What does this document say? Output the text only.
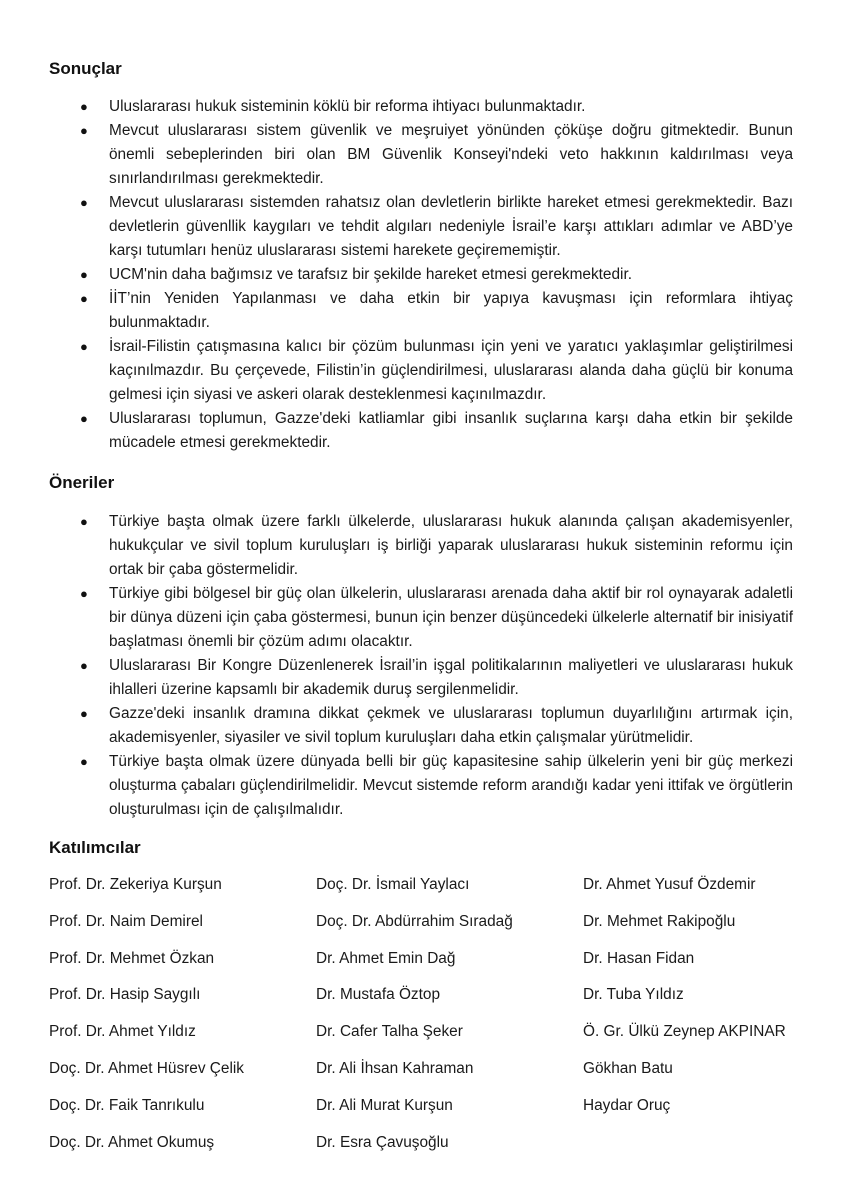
Sonuçlar
● Uluslararası hukuk sisteminin köklü bir reforma ihtiyacı bulunmaktadır.
● Mevcut uluslararası sistem güvenlik ve meşruiyet yönünden çöküşe doğru gitmektedir. Bunun önemli sebeplerinden biri olan BM Güvenlik Konseyi'ndeki veto hakkının kaldırılması veya sınırlandırılması gerekmektedir.
● Mevcut uluslararası sistemden rahatsız olan devletlerin birlikte hareket etmesi gerekmektedir. Bazı devletlerin güvenllik kaygıları ve tehdit algıları nedeniyle İsrail’e karşı attıkları adımlar ve ABD’ye karşı tutumları henüz uluslararası sistemi harekete geçirememiştir.
● UCM'nin daha bağımsız ve tarafsız bir şekilde hareket etmesi gerekmektedir.
● İİT’nin Yeniden Yapılanması ve daha etkin bir yapıya kavuşması için reformlara ihtiyaç bulunmaktadır.
● İsrail-Filistin çatışmasına kalıcı bir çözüm bulunması için yeni ve yaratıcı yaklaşımlar geliştirilmesi kaçınılmazdır. Bu çerçevede, Filistin’in güçlendirilmesi, uluslararası alanda daha güçlü bir konuma gelmesi için siyasi ve askeri olarak desteklenmesi kaçınılmazdır.
● Uluslararası toplumun, Gazze'deki katliamlar gibi insanlık suçlarına karşı daha etkin bir şekilde mücadele etmesi gerekmektedir.
Öneriler
● Türkiye başta olmak üzere farklı ülkelerde, uluslararası hukuk alanında çalışan akademisyenler, hukukçular ve sivil toplum kuruluşları iş birliği yaparak uluslararası hukuk sisteminin reformu için ortak bir çaba göstermelidir.
● Türkiye gibi bölgesel bir güç olan ülkelerin, uluslararası arenada daha aktif bir rol oynayarak adaletli bir dünya düzeni için çaba göstermesi, bunun için benzer düşüncedeki ülkelerle alternatif bir inisiyatif başlatması önemli bir çözüm adımı olacaktır.
● Uluslararası Bir Kongre Düzenlenerek İsrail’in işgal politikalarının maliyetleri ve uluslararası hukuk ihlalleri üzerine kapsamlı bir akademik duruş sergilenmelidir.
● Gazze'deki insanlık dramına dikkat çekmek ve uluslararası toplumun duyarlılığını artırmak için, akademisyenler, siyasiler ve sivil toplum kuruluşları daha etkin çalışmalar yürütmelidir.
● Türkiye başta olmak üzere dünyada belli bir güç kapasitesine sahip ülkelerin yeni bir güç merkezi oluşturma çabaları güçlendirilmelidir. Mevcut sistemde reform arandığı kadar yeni ittifak ve örgütlerin oluşturulması için de çalışılmalıdır.
Katılımcılar
Prof. Dr. Zekeriya Kurşun	Doç. Dr. İsmail Yaylacı	Dr. Ahmet Yusuf Özdemir
Prof. Dr. Naim Demirel	Doç. Dr. Abdürrahim Sıradağ	Dr. Mehmet Rakipoğlu
Prof. Dr. Mehmet Özkan	Dr. Ahmet Emin Dağ	Dr. Hasan Fidan
Prof. Dr. Hasip Saygılı	Dr. Mustafa Öztop	Dr. Tuba Yıldız
Prof. Dr. Ahmet Yıldız	Dr. Cafer Talha Şeker	Ö. Gr. Ülkü Zeynep AKPINAR
Doç. Dr. Ahmet Hüsrev Çelik	Dr. Ali İhsan Kahraman	Gökhan Batu
Doç. Dr. Faik Tanrıkulu	Dr. Ali Murat Kurşun	Haydar Oruç
Doç. Dr. Ahmet Okumuş	Dr. Esra Çavuşoğlu
